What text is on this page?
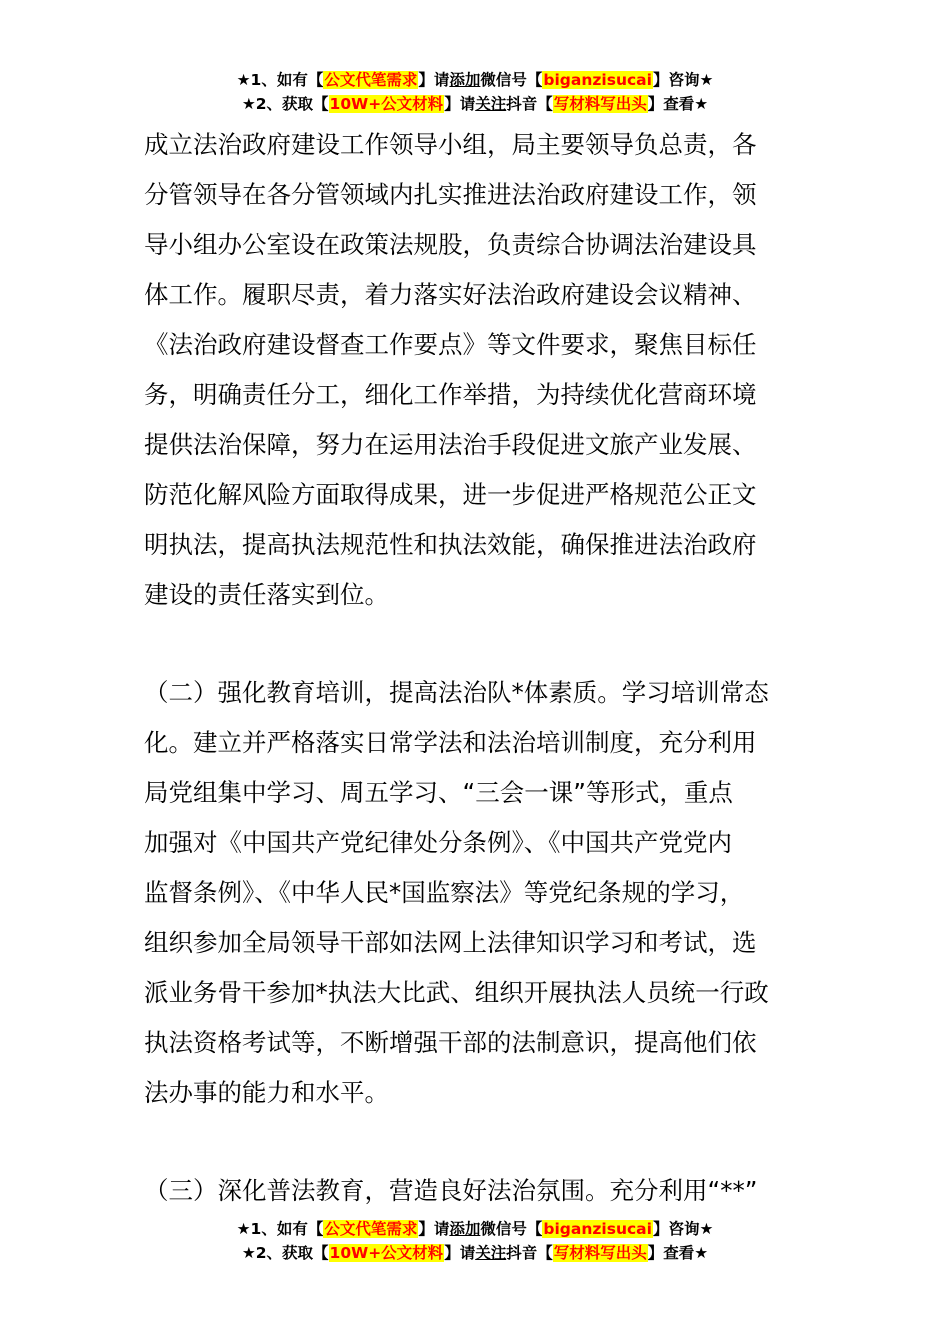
★1、如有【公文代笔需求】请添加微信号【biganzisucai】咨询★
★2、获取【10W+公文材料】请关注抖音【写材料写出头】查看★
成立法治政府建设工作领导小组，局主要领导负总责，各
分管领导在各分管领域内扎实推进法治政府建设工作，领
导小组办公室设在政策法规股，负责综合协调法治建设具
体工作。履职尽责，着力落实好法治政府建设会议精神、
《法治政府建设督查工作要点》等文件要求，聚焦目标任
务，明确责任分工，细化工作举措，为持续优化营商环境
提供法治保障，努力在运用法治手段促进文旅产业发展、
防范化解风险方面取得成果，进一步促进严格规范公正文
明执法，提高执法规范性和执法效能，确保推进法治政府
建设的责任落实到位。
（二）强化教育培训，提高法治队*体素质。学习培训常态
化。建立并严格落实日常学法和法治培训制度，充分利用
局党组集中学习、周五学习、“三会一课”等形式，重点
加强对《中国共产党纪律处分条例》、《中国共产党党内
监督条例》、《中华人民*国监察法》等党纪条规的学习，
组织参加全局领导干部如法网上法律知识学习和考试，选
派业务骨干参加*执法大比武、组织开展执法人员统一行政
执法资格考试等，不断增强干部的法制意识，提高他们依
法办事的能力和水平。
（三）深化普法教育，营造良好法治氛围。充分利用“**”
★1、如有【公文代笔需求】请添加微信号【biganzisucai】咨询★
★2、获取【10W+公文材料】请关注抖音【写材料写出头】查看★
